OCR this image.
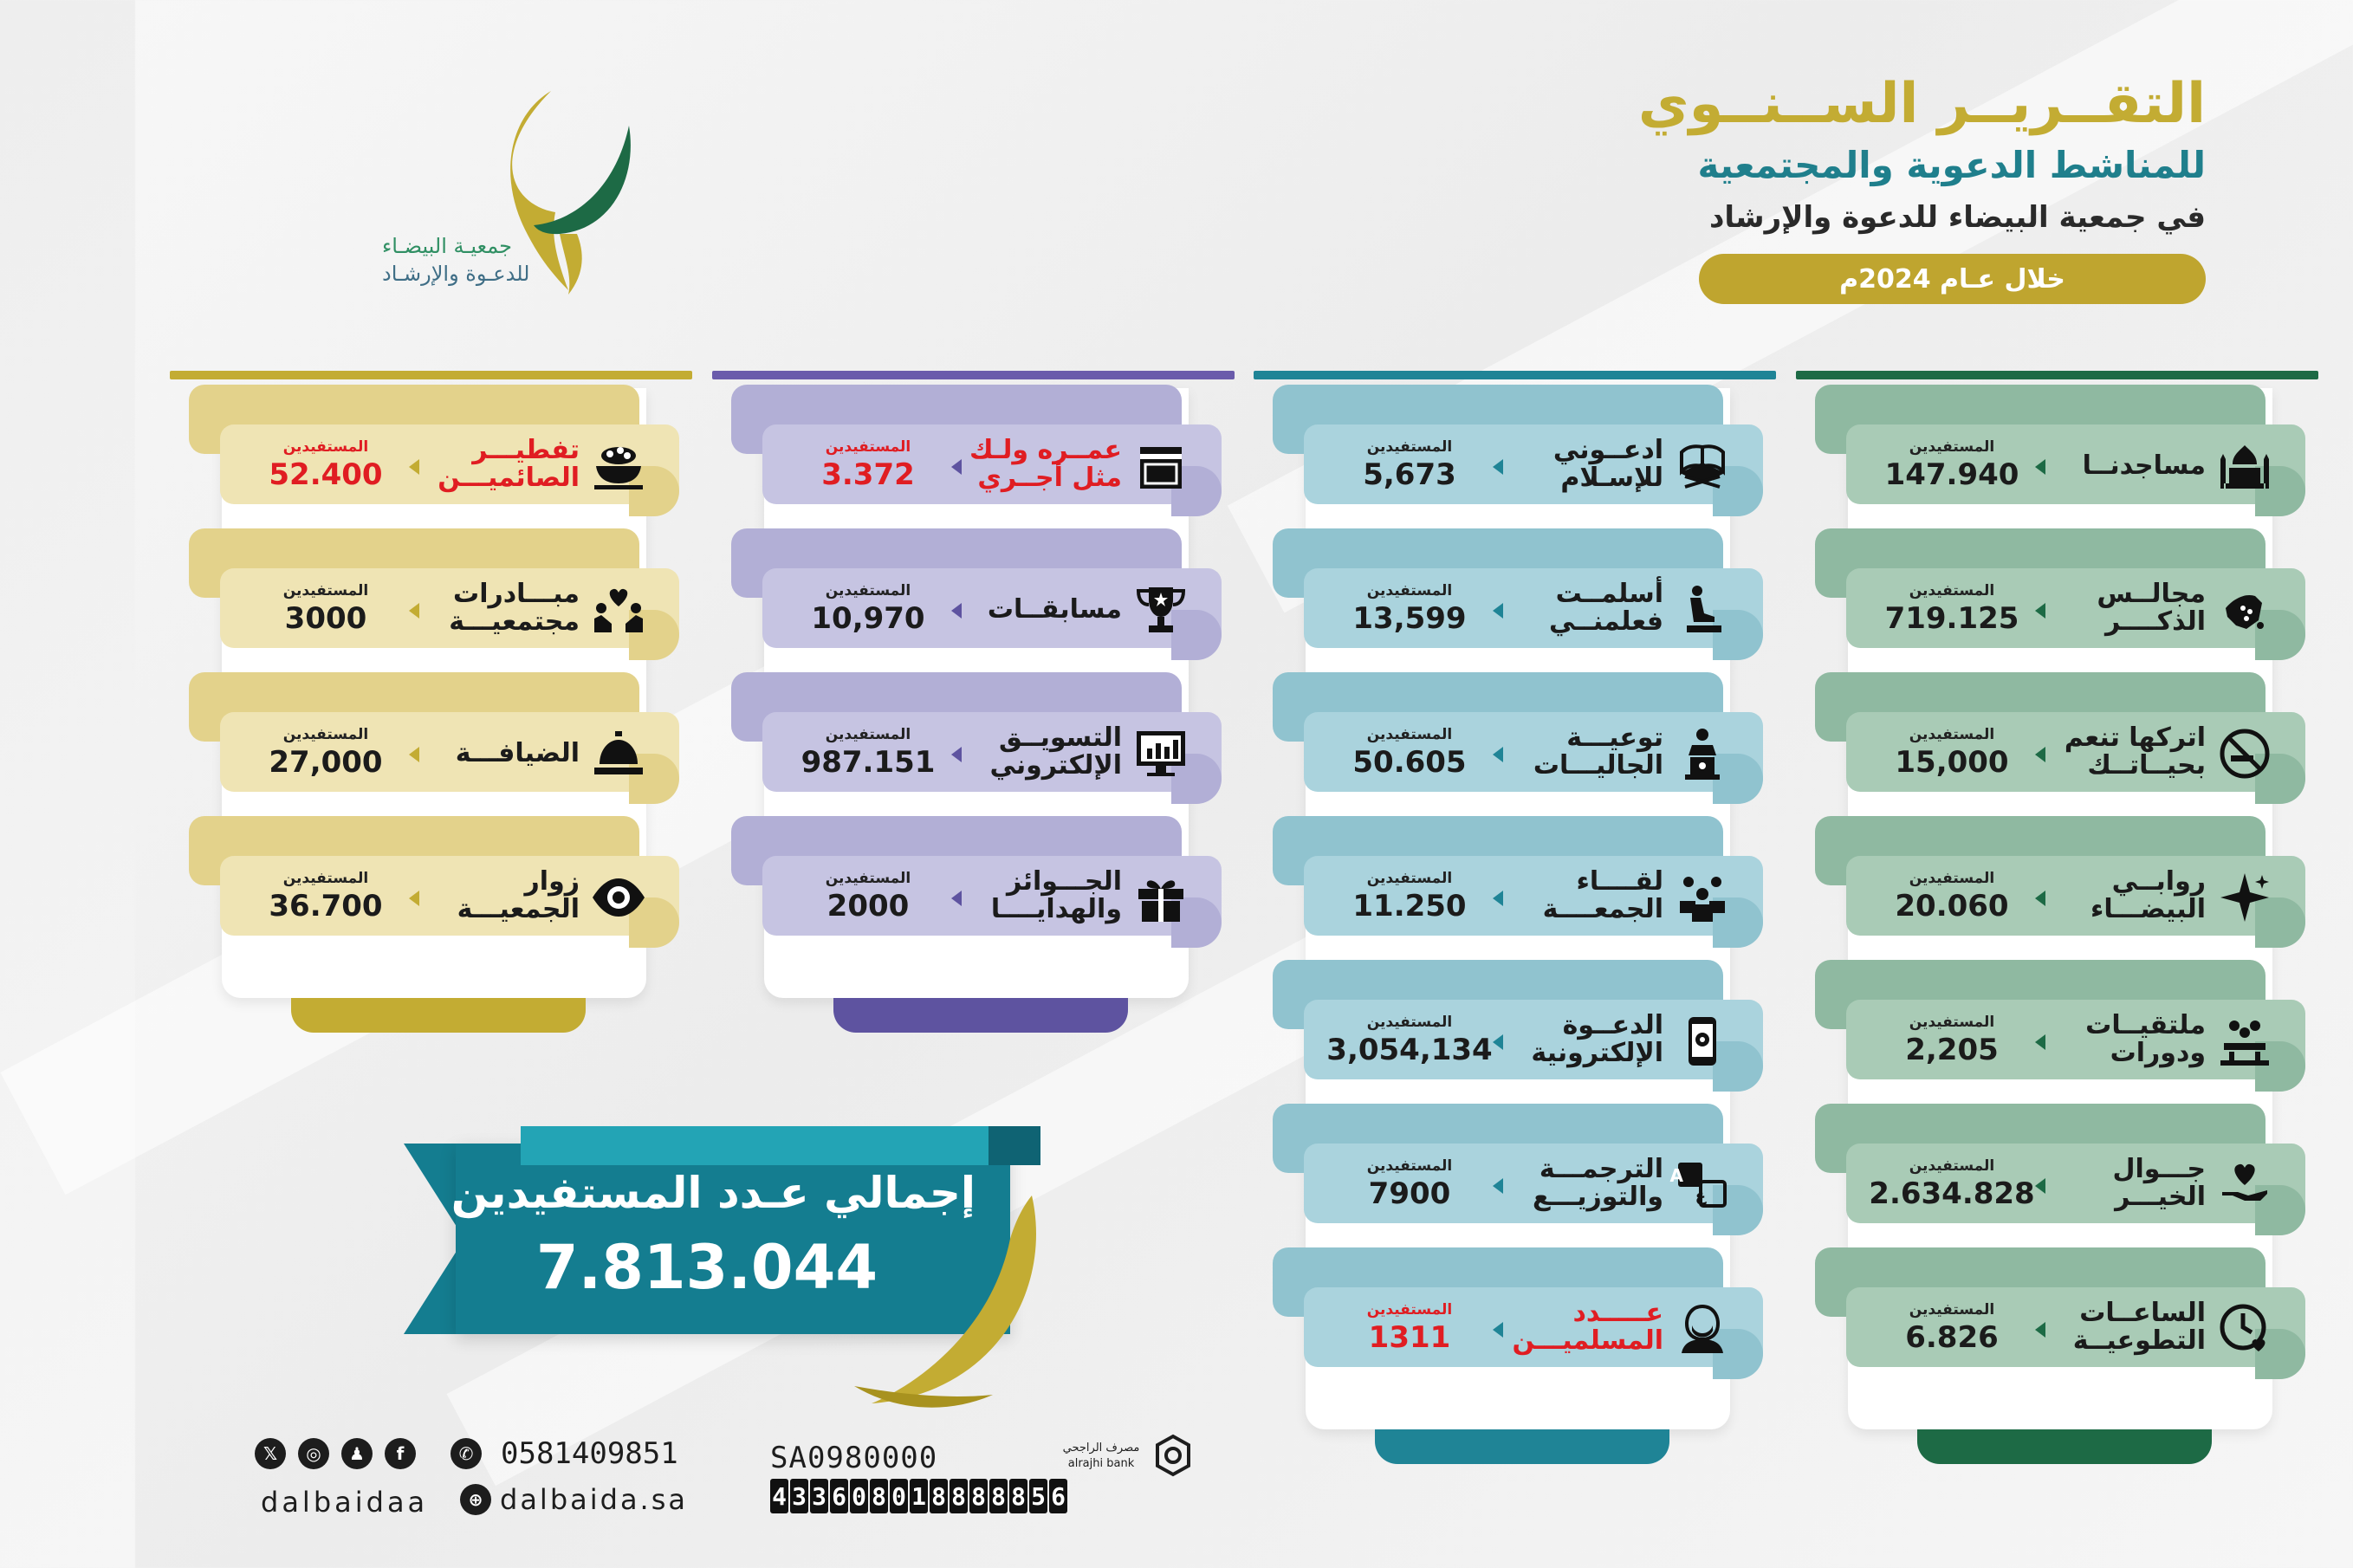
التقــريــر الســنــوي
للمناشط الدعوية والمجتمعية
في جمعية البيضاء للدعوة والإرشاد
خلال عـام 2024م
جمعيـة البيضـاء
للدعـوة والإرشـاد
مساجدنــا
المستفيدين
147.940
مجالــس
الذكــــر
المستفيدين
719.125
اتركها تنعم
بحيــاتــك
المستفيدين
15,000
روابــي
البيضـــاء
المستفيدين
20.060
ملتقيــات
ودورات
المستفيدين
2,205
جـــوال
الخيـــر
المستفيدين
2.634.828
الساعــات
التطوعيــة
المستفيدين
6.826
ادعــوني
للإسـلام
المستفيدين
5,673
أسلمــت
فعلمنــي
المستفيدين
13,599
توعيـــة
الجاليـــات
المستفيدين
50.605
لقــــاء
الجمعــــة
المستفيدين
11.250
الدعــوة
الإلكترونية
المستفيدين
3,054,134
A
ع
الترجمـــة
والتوزيـــع
المستفيدين
7900
عـــــدد
المسلميـــن
المستفيدين
1311
عمــره ولـك
مثل أجــري
المستفيدين
3.372
مسابقــات
المستفيدين
10,970
التسويــق
الإلكتروني
المستفيدين
987.151
الجـــوائز
والهدايــــا
المستفيدين
2000
تفطيـــر
الصائميـــن
المستفيدين
52.400
مبـــادرات
مجتمعيـــة
المستفيدين
3000
الضيافـــة
المستفيدين
27,000
زوار
الجمعيـــة
المستفيدين
36.700
إجمالي عـدد المستفيدين
7.813.044
𝕏	◎	♟	f	✆ 0581409851
dalbaidaa	⊕ dalbaida.sa
SA0980000
4 3 3 6 0 8 0 1 8 8 8 8 8 5 6
مصرف الراجحي
alrajhi bank
